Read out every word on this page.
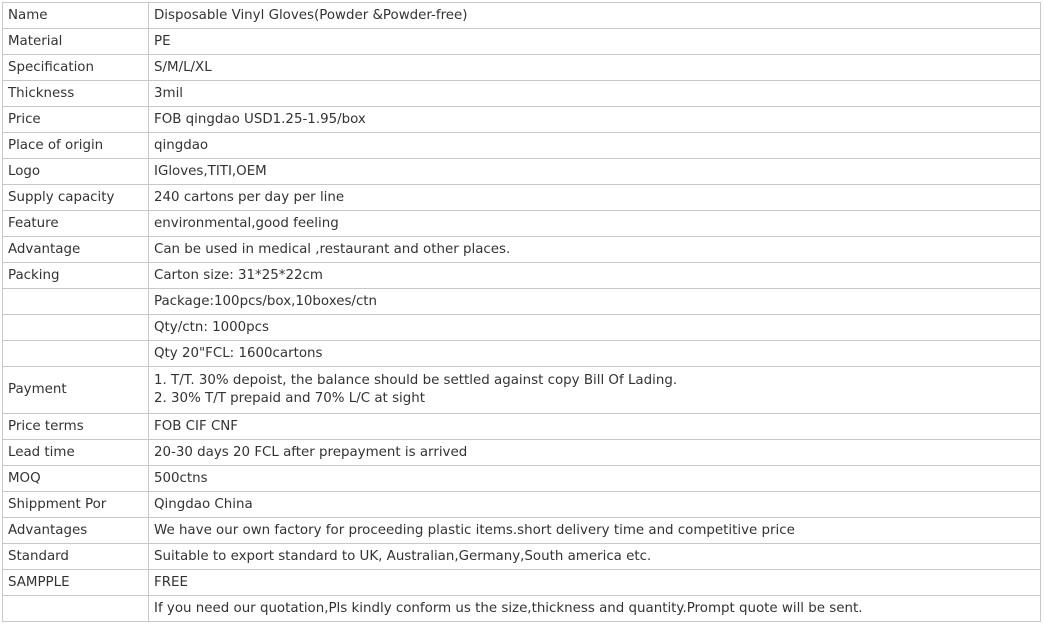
Name	Disposable Vinyl Gloves(Powder &Powder-free)

Material	PE

Specification	S/M/L/XL

Thickness	3mil

Price	FOB qingdao USD1.25-1.95/box

Place of origin	qingdao

Logo	IGloves,TITI,OEM

Supply capacity	240 cartons per day per line

Feature	environmental,good feeling

Advantage	Can be used in medical ,restaurant and other places.

Packing	Carton size: 31*25*22cm

	Package:100pcs/box,10boxes/ctn

	Qty/ctn: 1000pcs

	Qty 20"FCL: 1600cartons

Payment	1. T/T. 30% depoist, the balance should be settled against copy Bill Of Lading.
2. 30% T/T prepaid and 70% L/C at sight

Price terms	FOB CIF CNF

Lead time	20-30 days 20 FCL after prepayment is arrived

MOQ	500ctns

Shippment Por	Qingdao China

Advantages	We have our own factory for proceeding plastic items.short delivery time and competitive price

Standard	Suitable to export standard to UK, Australian,Germany,South america etc.

SAMPPLE	FREE

	If you need our quotation,Pls kindly conform us the size,thickness and quantity.Prompt quote will be sent.
